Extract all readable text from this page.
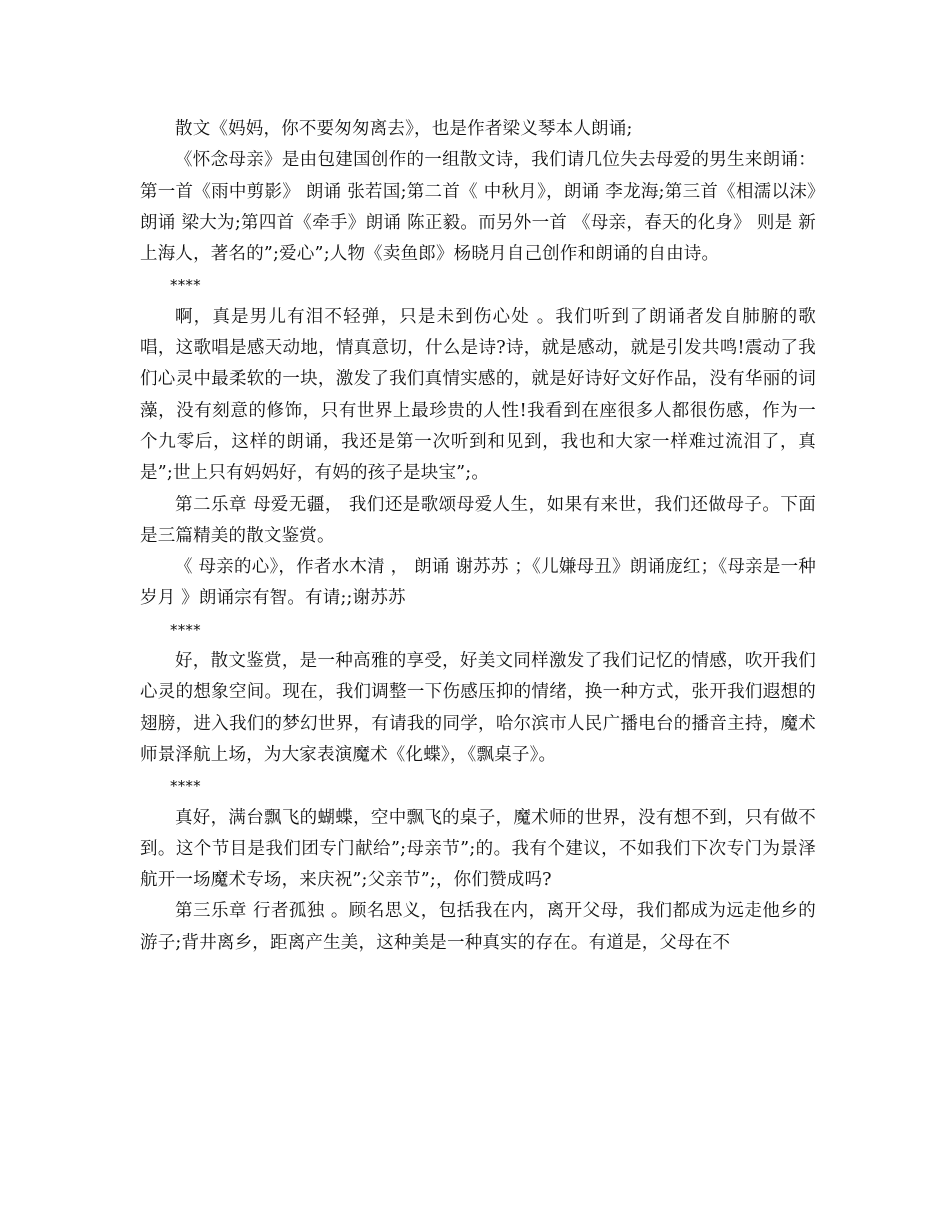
散文《妈妈，你不要匆匆离去》，也是作者梁义琴本人朗诵;

《怀念母亲》是由包建国创作的一组散文诗，我们请几位失去母爱的男生来朗诵：第一首《雨中剪影》 朗诵 张若国;第二首《 中秋月》，朗诵 李龙海;第三首《相濡以沫》朗诵 梁大为;第四首《牵手》朗诵 陈正毅。而另外一首 《母亲，春天的化身》 则是 新上海人，著名的”;爱心”;人物《卖鱼郎》杨晓月自己创作和朗诵的自由诗。

****

啊，真是男儿有泪不轻弹，只是未到伤心处 。我们听到了朗诵者发自肺腑的歌唱，这歌唱是感天动地，情真意切，什么是诗?诗，就是感动，就是引发共鸣!震动了我们心灵中最柔软的一块，激发了我们真情实感的，就是好诗好文好作品，没有华丽的词藻，没有刻意的修饰，只有世界上最珍贵的人性!我看到在座很多人都很伤感，作为一个九零后，这样的朗诵，我还是第一次听到和见到，我也和大家一样难过流泪了，真是”;世上只有妈妈好，有妈的孩子是块宝”;。

第二乐章 母爱无疆， 我们还是歌颂母爱人生，如果有来世，我们还做母子。下面是三篇精美的散文鉴赏。

《 母亲的心》，作者水木清 ， 朗诵 谢苏苏 ；《儿嫌母丑》朗诵庞红；《母亲是一种岁月 》朗诵宗有智。有请;;谢苏苏

****

好，散文鉴赏，是一种高雅的享受，好美文同样激发了我们记忆的情感，吹开我们心灵的想象空间。现在，我们调整一下伤感压抑的情绪，换一种方式，张开我们遐想的翅膀，进入我们的梦幻世界，有请我的同学，哈尔滨市人民广播电台的播音主持，魔术师景泽航上场，为大家表演魔术《化蝶》，《飘桌子》。

****

真好，满台飘飞的蝴蝶，空中飘飞的桌子，魔术师的世界，没有想不到，只有做不到。这个节目是我们团专门献给”;母亲节”;的。我有个建议，不如我们下次专门为景泽航开一场魔术专场，来庆祝”;父亲节”;，你们赞成吗?

第三乐章 行者孤独 。顾名思义，包括我在内，离开父母，我们都成为远走他乡的游子;背井离乡，距离产生美，这种美是一种真实的存在。有道是，父母在不
